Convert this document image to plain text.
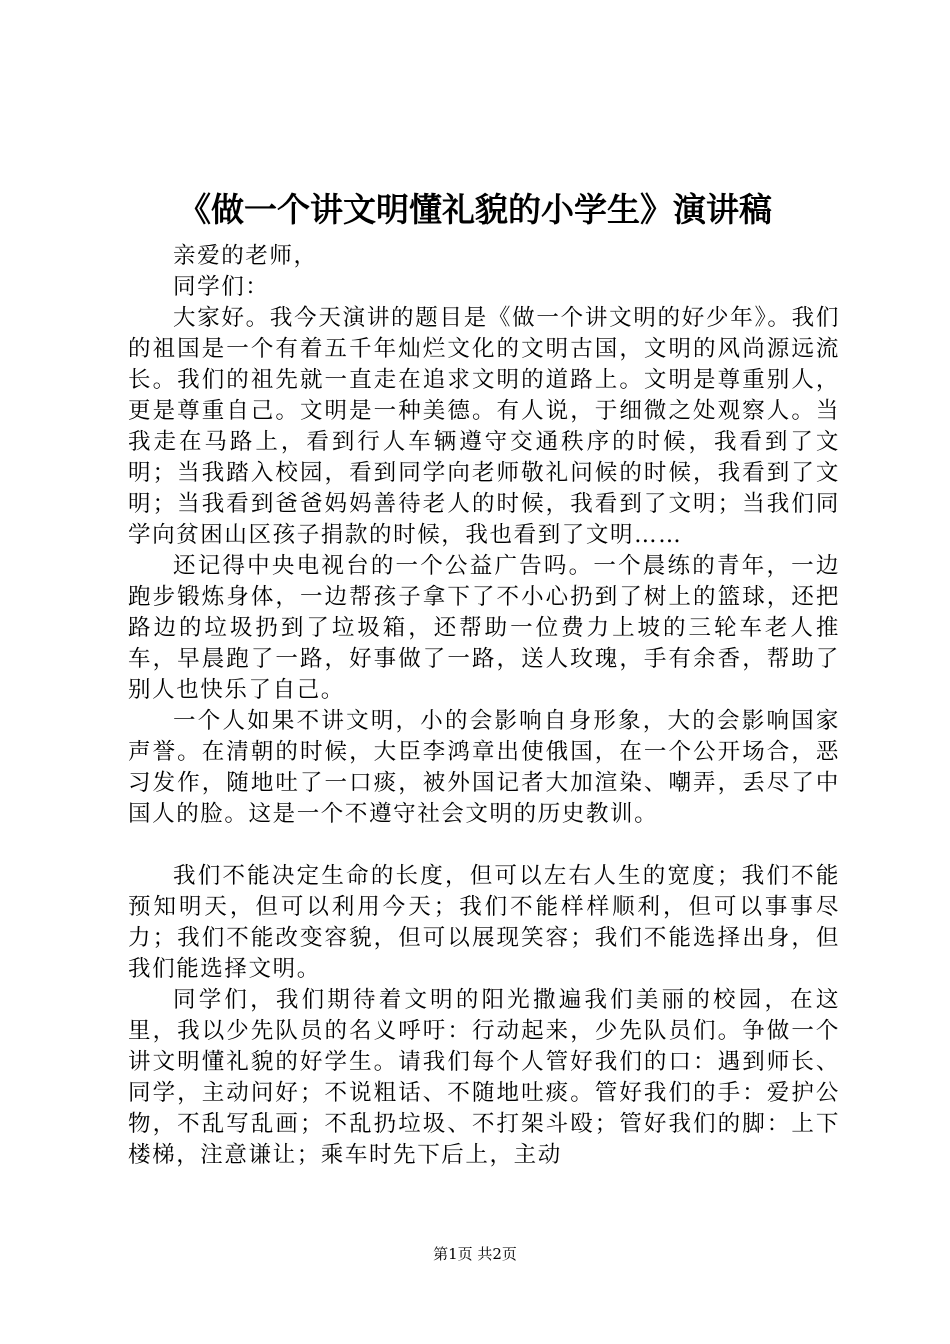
《做一个讲文明懂礼貌的小学生》演讲稿

亲爱的老师，

同学们：

大家好。我今天演讲的题目是《做一个讲文明的好少年》。我们的祖国是一个有着五千年灿烂文化的文明古国，文明的风尚源远流长。我们的祖先就一直走在追求文明的道路上。文明是尊重别人，更是尊重自己。文明是一种美德。有人说，于细微之处观察人。当我走在马路上，看到行人车辆遵守交通秩序的时候，我看到了文明；当我踏入校园，看到同学向老师敬礼问候的时候，我看到了文明；当我看到爸爸妈妈善待老人的时候，我看到了文明；当我们同学向贫困山区孩子捐款的时候，我也看到了文明……

还记得中央电视台的一个公益广告吗。一个晨练的青年，一边跑步锻炼身体，一边帮孩子拿下了不小心扔到了树上的篮球，还把路边的垃圾扔到了垃圾箱，还帮助一位费力上坡的三轮车老人推车，早晨跑了一路，好事做了一路，送人玫瑰，手有余香，帮助了别人也快乐了自己。

一个人如果不讲文明，小的会影响自身形象，大的会影响国家声誉。在清朝的时候，大臣李鸿章出使俄国，在一个公开场合，恶习发作，随地吐了一口痰，被外国记者大加渲染、嘲弄，丢尽了中国人的脸。这是一个不遵守社会文明的历史教训。

我们不能决定生命的长度，但可以左右人生的宽度；我们不能预知明天，但可以利用今天；我们不能样样顺利，但可以事事尽力；我们不能改变容貌，但可以展现笑容；我们不能选择出身，但我们能选择文明。

同学们，我们期待着文明的阳光撒遍我们美丽的校园，在这里，我以少先队员的名义呼吁：行动起来，少先队员们。争做一个讲文明懂礼貌的好学生。请我们每个人管好我们的口：遇到师长、同学，主动问好；不说粗话、不随地吐痰。管好我们的手：爱护公物，不乱写乱画；不乱扔垃圾、不打架斗殴；管好我们的脚：上下楼梯，注意谦让；乘车时先下后上，主动

第1页 共2页
